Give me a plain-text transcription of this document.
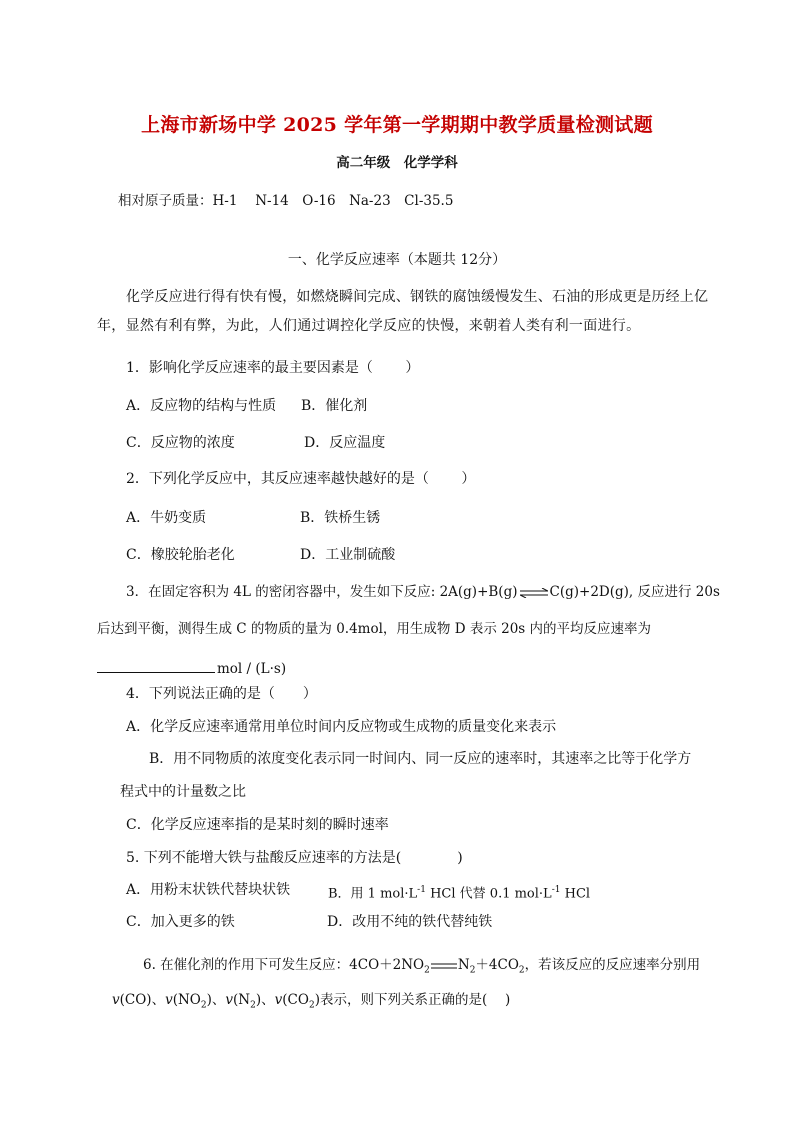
上海市新场中学 2025 学年第一学期期中教学质量检测试题
高二年级　化学学科
相对原子质量：H-1　 N-14　O-16　Na-23　Cl-35.5
一、化学反应速率（本题共 12分）
化学反应进行得有快有慢，如燃烧瞬间完成、钢铁的腐蚀缓慢发生、石油的形成更是历经上亿
年，显然有利有弊，为此，人们通过调控化学反应的快慢，来朝着人类有利一面进行。
1．影响化学反应速率的最主要因素是（　　 ）
A．反应物的结构与性质 B．催化剂
C．反应物的浓度	D．反应温度
2．下列化学反应中，其反应速率越快越好的是（　　 ）
A．牛奶变质	B．铁桥生锈
C．橡胶轮胎老化	D．工业制硫酸
3．在固定容积为 4L 的密闭容器中，发生如下反应: 2A(g)+B(g) ⇌ C(g)+2D(g), 反应进行 20s
后达到平衡，测得生成 C 的物质的量为 0.4mol，用生成物 D 表示 20s 内的平均反应速率为
mol / (L·s)
4．下列说法正确的是（　　）
A．化学反应速率通常用单位时间内反应物或生成物的质量变化来表示
B．用不同物质的浓度变化表示同一时间内、同一反应的速率时，其速率之比等于化学方
程式中的计量数之比
C．化学反应速率指的是某时刻的瞬时速率
5. 下列不能增大铁与盐酸反应速率的方法是(　　　　)
A．用粉末状铁代替块状铁	B．用 1 $mol\cdot L^{-1}$ HCl 代替 0.1 $mol\cdot L^{-1}$ HCl
C．加入更多的铁	D．改用不纯的铁代替纯铁
6. 在催化剂的作用下可发生反应：$4CO+2NO_2$ $N_2+4CO_2$，若该反应的反应速率分别用
v(CO)、$v(NO_2)$、$v(N_2)$、$v(CO_2)$表示，则下列关系正确的是(　 )
